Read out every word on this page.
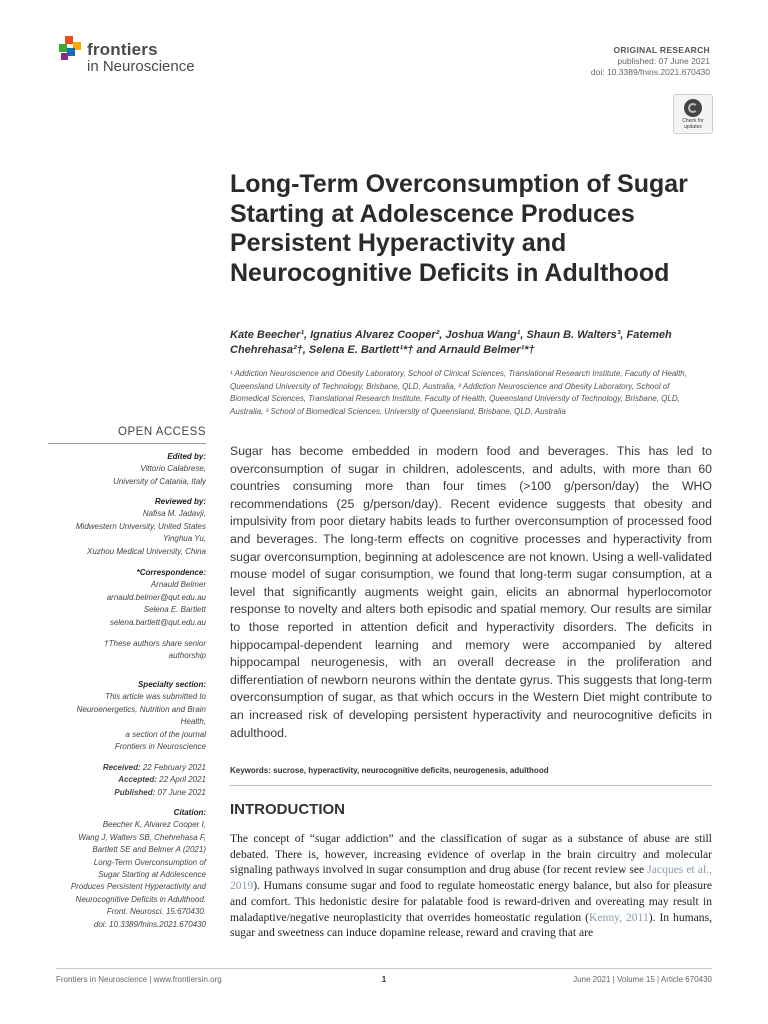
frontiers
in Neuroscience
ORIGINAL RESEARCH
published: 07 June 2021
doi: 10.3389/fnins.2021.670430
Check for updates
Long-Term Overconsumption of Sugar Starting at Adolescence Produces Persistent Hyperactivity and Neurocognitive Deficits in Adulthood
Kate Beecher¹, Ignatius Alvarez Cooper², Joshua Wang¹, Shaun B. Walters³, Fatemeh Chehrehasa²†, Selena E. Bartlett¹*† and Arnauld Belmer¹*†
¹ Addiction Neuroscience and Obesity Laboratory, School of Clinical Sciences, Translational Research Institute, Faculty of Health, Queensland University of Technology, Brisbane, QLD, Australia, ² Addiction Neuroscience and Obesity Laboratory, School of Biomedical Sciences, Translational Research Institute, Faculty of Health, Queensland University of Technology, Brisbane, QLD, Australia, ³ School of Biomedical Sciences, University of Queensland, Brisbane, QLD, Australia
OPEN ACCESS
Edited by:
Vittorio Calabrese,
University of Catania, Italy
Reviewed by:
Nafisa M. Jadavji,
Midwestern University, United States
Yinghua Yu,
Xuzhou Medical University, China
*Correspondence:
Arnauld Belmer
arnauld.belmer@qut.edu.au
Selena E. Bartlett
selena.bartlett@qut.edu.au
†These authors share senior
authorship
Specialty section:
This article was submitted to
Neuroenergetics, Nutrition and Brain
Health,
a section of the journal
Frontiers in Neuroscience
Received: 22 February 2021
Accepted: 22 April 2021
Published: 07 June 2021
Citation:
Beecher K, Alvarez Cooper I,
Wang J, Walters SB, Chehrehasa F,
Bartlett SE and Belmer A (2021)
Long-Term Overconsumption of
Sugar Starting at Adolescence
Produces Persistent Hyperactivity and
Neurocognitive Deficits in Adulthood.
Front. Neurosci. 15:670430.
doi: 10.3389/fnins.2021.670430

Sugar has become embedded in modern food and beverages. This has led to overconsumption of sugar in children, adolescents, and adults, with more than 60 countries consuming more than four times (>100 g/person/day) the WHO recommendations (25 g/person/day). Recent evidence suggests that obesity and impulsivity from poor dietary habits leads to further overconsumption of processed food and beverages. The long-term effects on cognitive processes and hyperactivity from sugar overconsumption, beginning at adolescence are not known. Using a well-validated mouse model of sugar consumption, we found that long-term sugar consumption, at a level that significantly augments weight gain, elicits an abnormal hyperlocomotor response to novelty and alters both episodic and spatial memory. Our results are similar to those reported in attention deficit and hyperactivity disorders. The deficits in hippocampal-dependent learning and memory were accompanied by altered hippocampal neurogenesis, with an overall decrease in the proliferation and differentiation of newborn neurons within the dentate gyrus. This suggests that long-term overconsumption of sugar, as that which occurs in the Western Diet might contribute to an increased risk of developing persistent hyperactivity and neurocognitive deficits in adulthood.

Keywords: sucrose, hyperactivity, neurocognitive deficits, neurogenesis, adulthood
INTRODUCTION

The concept of “sugar addiction” and the classification of sugar as a substance of abuse are still debated. There is, however, increasing evidence of overlap in the brain circuitry and molecular signaling pathways involved in sugar consumption and drug abuse (for recent review see Jacques et al., 2019). Humans consume sugar and food to regulate homeostatic energy balance, but also for pleasure and comfort. This hedonistic desire for palatable food is reward-driven and overeating may result in maladaptive/negative neuroplasticity that overrides homeostatic regulation (Kenny, 2011). In humans, sugar and sweetness can induce dopamine release, reward and craving that are

Frontiers in Neuroscience | www.frontiersin.org	1	June 2021 | Volume 15 | Article 670430
